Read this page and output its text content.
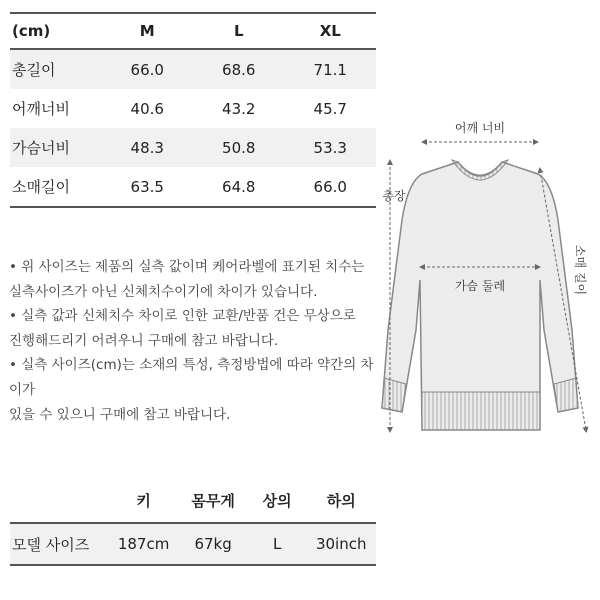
(cm)	M	L	XL
총길이	66.0	68.6	71.1
어깨너비	40.6	43.2	45.7
가슴너비	48.3	50.8	53.3
소매길이	63.5	64.8	66.0

• 위 사이즈는 제품의 실측 값이며 케어라벨에 표기된 치수는

실측사이즈가 아닌 신체치수이기에 차이가 있습니다.

• 실측 값과 신체치수 차이로 인한 교환/반품 건은 무상으로

진행해드리기 어려우니 구매에 참고 바랍니다.

• 실측 사이즈(cm)는 소재의 특성, 측정방법에 따라 약간의 차이가

있을 수 있으니 구매에 참고 바랍니다.

어깨 너비
총장
가슴 둘레	소매 길이
	키	몸무게	상의	하의
모델 사이즈	187cm	67kg	L	30inch
